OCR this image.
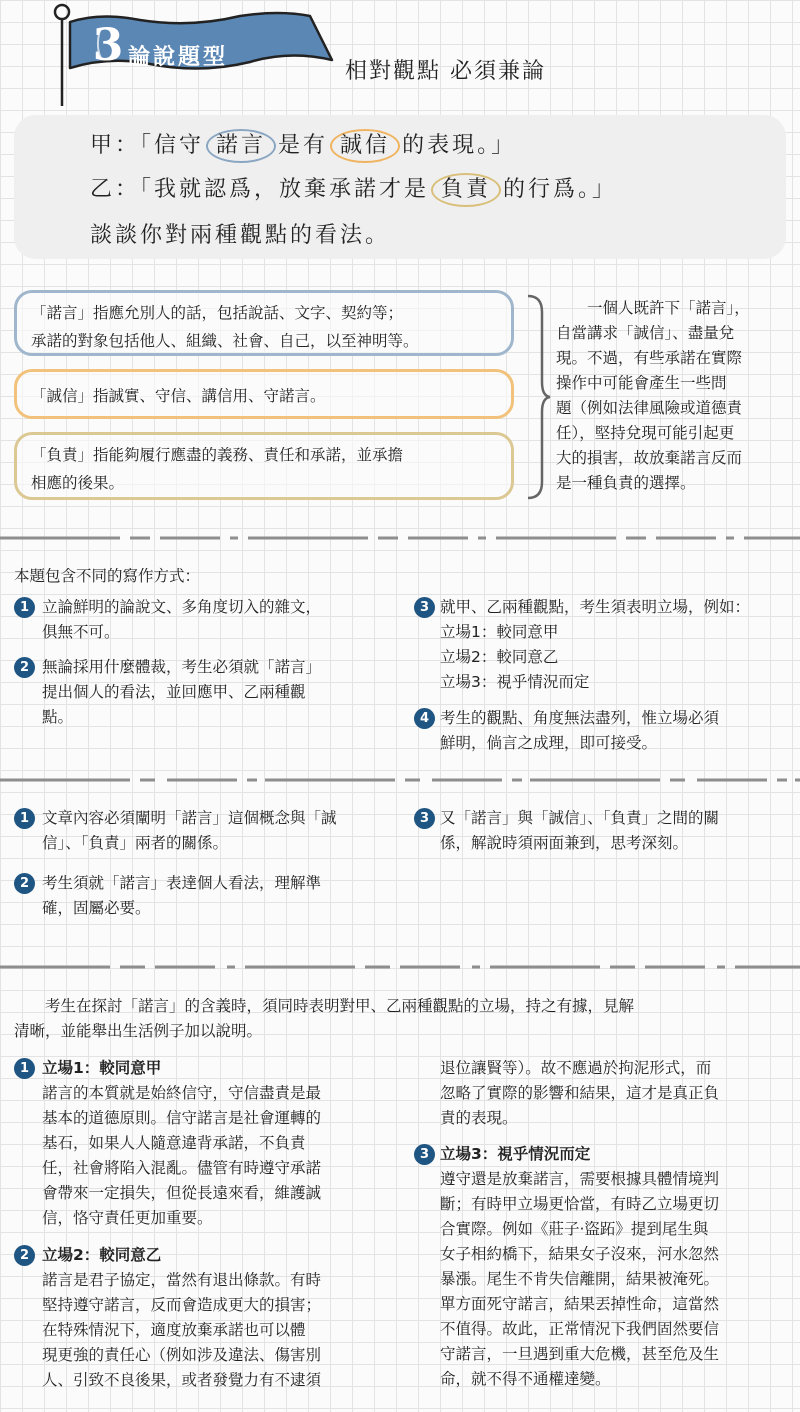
3 論說題型
相對觀點 必須兼論
甲：「信守 諾言 是有 誠信 的表現。」
乙：「我就認爲，放棄承諾才是 負責 的行爲。」
談談你對兩種觀點的看法。
「諾言」指應允別人的話，包括說話、文字、契約等；
承諾的對象包括他人、組織、社會、自己，以至神明等。
「誠信」指誠實、守信、講信用、守諾言。
「負責」指能夠履行應盡的義務、責任和承諾，並承擔
相應的後果。
　　一個人既許下「諾言」，
自當講求「誠信」、盡量兌
現。不過，有些承諾在實際
操作中可能會產生一些問
題（例如法律風險或道德責
任），堅持兌現可能引起更
大的損害，故放棄諾言反而
是一種負責的選擇。
本題包含不同的寫作方式：
1 立論鮮明的論說文、多角度切入的雜文，
俱無不可。
2 無論採用什麼體裁，考生必須就「諾言」
提出個人的看法，並回應甲、乙兩種觀
點。
3 就甲、乙兩種觀點，考生須表明立場，例如：
立場1：較同意甲
立場2：較同意乙
立場3：視乎情況而定
4 考生的觀點、角度無法盡列，惟立場必須
鮮明，倘言之成理，即可接受。
1 文章內容必須闡明「諾言」這個概念與「誠
信」、「負責」兩者的關係。
2 考生須就「諾言」表達個人看法，理解準
確，固屬必要。
3 又「諾言」與「誠信」、「負責」之間的關
係，解說時須兩面兼到，思考深刻。
　　考生在探討「諾言」的含義時，須同時表明對甲、乙兩種觀點的立場，持之有據，見解
清晰，並能舉出生活例子加以說明。
1 立場1：較同意甲
諾言的本質就是始終信守，守信盡責是最
基本的道德原則。信守諾言是社會運轉的
基石，如果人人隨意違背承諾，不負責
任，社會將陷入混亂。儘管有時遵守承諾
會帶來一定損失，但從長遠來看，維護誠
信，恪守責任更加重要。
2 立場2：較同意乙
諾言是君子協定，當然有退出條款。有時
堅持遵守諾言，反而會造成更大的損害；
在特殊情況下，適度放棄承諾也可以體
現更強的責任心（例如涉及違法、傷害別
人、引致不良後果，或者發覺力有不逮須
退位讓賢等）。故不應過於拘泥形式，而
忽略了實際的影響和結果，這才是真正負
責的表現。
3 立場3：視乎情況而定
遵守還是放棄諾言，需要根據具體情境判
斷；有時甲立場更恰當，有時乙立場更切
合實際。例如《莊子‧盜跖》提到尾生與
女子相約橋下，結果女子沒來，河水忽然
暴漲。尾生不肯失信離開，結果被淹死。
單方面死守諾言，結果丟掉性命，這當然
不值得。故此，正常情況下我們固然要信
守諾言，一旦遇到重大危機，甚至危及生
命，就不得不通權達變。
